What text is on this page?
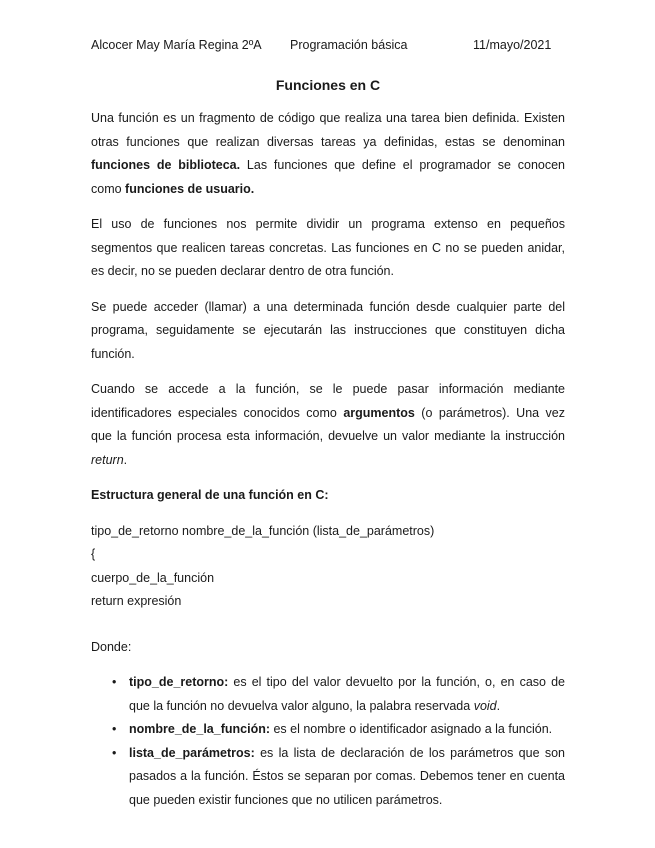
Alcocer May María Regina 2ºA Programación básica	11/mayo/2021
Funciones en C

Una función es un fragmento de código que realiza una tarea bien definida. Existen otras funciones que realizan diversas tareas ya definidas, estas se denominan funciones de biblioteca. Las funciones que define el programador se conocen como funciones de usuario.

El uso de funciones nos permite dividir un programa extenso en pequeños segmentos que realicen tareas concretas. Las funciones en C no se pueden anidar, es decir, no se pueden declarar dentro de otra función.

Se puede acceder (llamar) a una determinada función desde cualquier parte del programa, seguidamente se ejecutarán las instrucciones que constituyen dicha función.

Cuando se accede a la función, se le puede pasar información mediante identificadores especiales conocidos como argumentos (o parámetros). Una vez que la función procesa esta información, devuelve un valor mediante la instrucción return.

Estructura general de una función en C:

tipo_de_retorno nombre_de_la_función (lista_de_parámetros)
{
cuerpo_de_la_función
return expresión
Donde:
• tipo_de_retorno: es el tipo del valor devuelto por la función, o, en caso de que la función no devuelva valor alguno, la palabra reservada void.
• nombre_de_la_función: es el nombre o identificador asignado a la función.
• lista_de_parámetros: es la lista de declaración de los parámetros que son pasados a la función. Éstos se separan por comas. Debemos tener en cuenta que pueden existir funciones que no utilicen parámetros.
